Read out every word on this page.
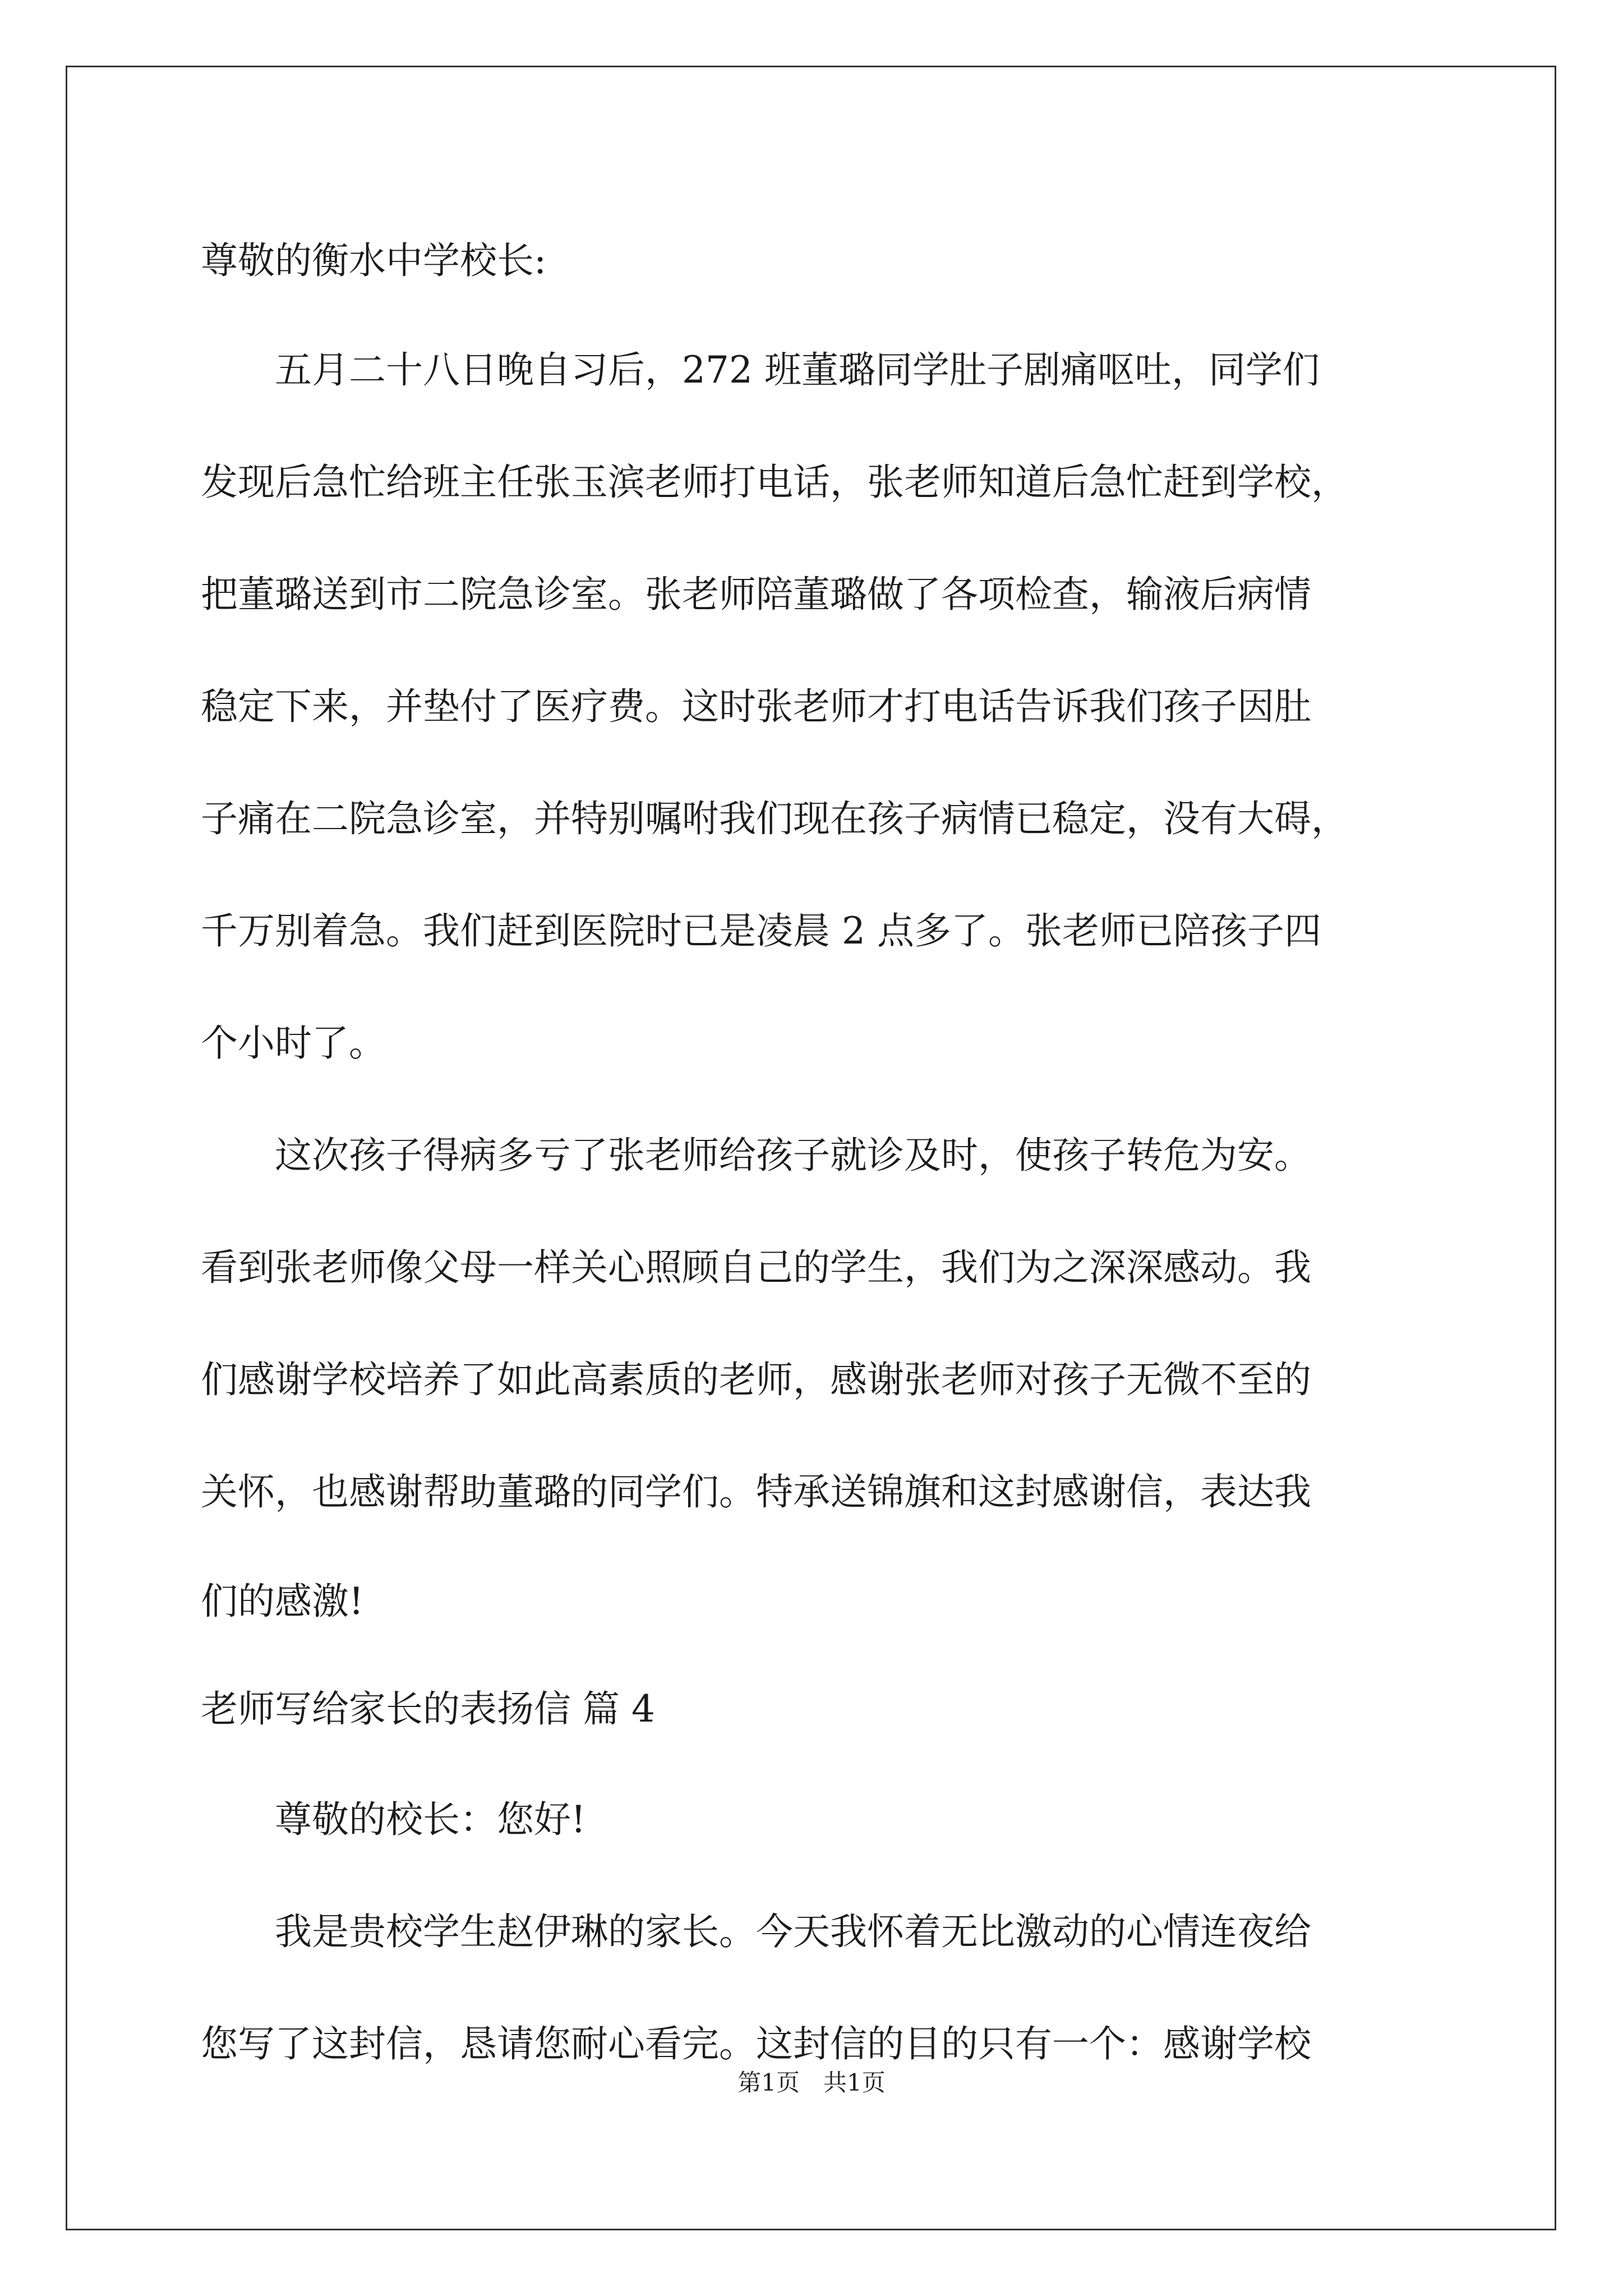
尊敬的衡水中学校长:
　　五月二十八日晚自习后，272 班董璐同学肚子剧痛呕吐，同学们
发现后急忙给班主任张玉滨老师打电话，张老师知道后急忙赶到学校，
把董璐送到市二院急诊室。张老师陪董璐做了各项检查，输液后病情
稳定下来，并垫付了医疗费。这时张老师才打电话告诉我们孩子因肚
子痛在二院急诊室，并特别嘱咐我们现在孩子病情已稳定，没有大碍，
千万别着急。我们赶到医院时已是凌晨 2 点多了。张老师已陪孩子四
个小时了。
　　这次孩子得病多亏了张老师给孩子就诊及时，使孩子转危为安。
看到张老师像父母一样关心照顾自己的学生，我们为之深深感动。我
们感谢学校培养了如此高素质的老师，感谢张老师对孩子无微不至的
关怀，也感谢帮助董璐的同学们。特承送锦旗和这封感谢信，表达我
们的感激!
老师写给家长的表扬信 篇 4
　　尊敬的校长：您好!
　　我是贵校学生赵伊琳的家长。今天我怀着无比激动的心情连夜给
您写了这封信，恳请您耐心看完。这封信的目的只有一个：感谢学校
第1页　共1页
